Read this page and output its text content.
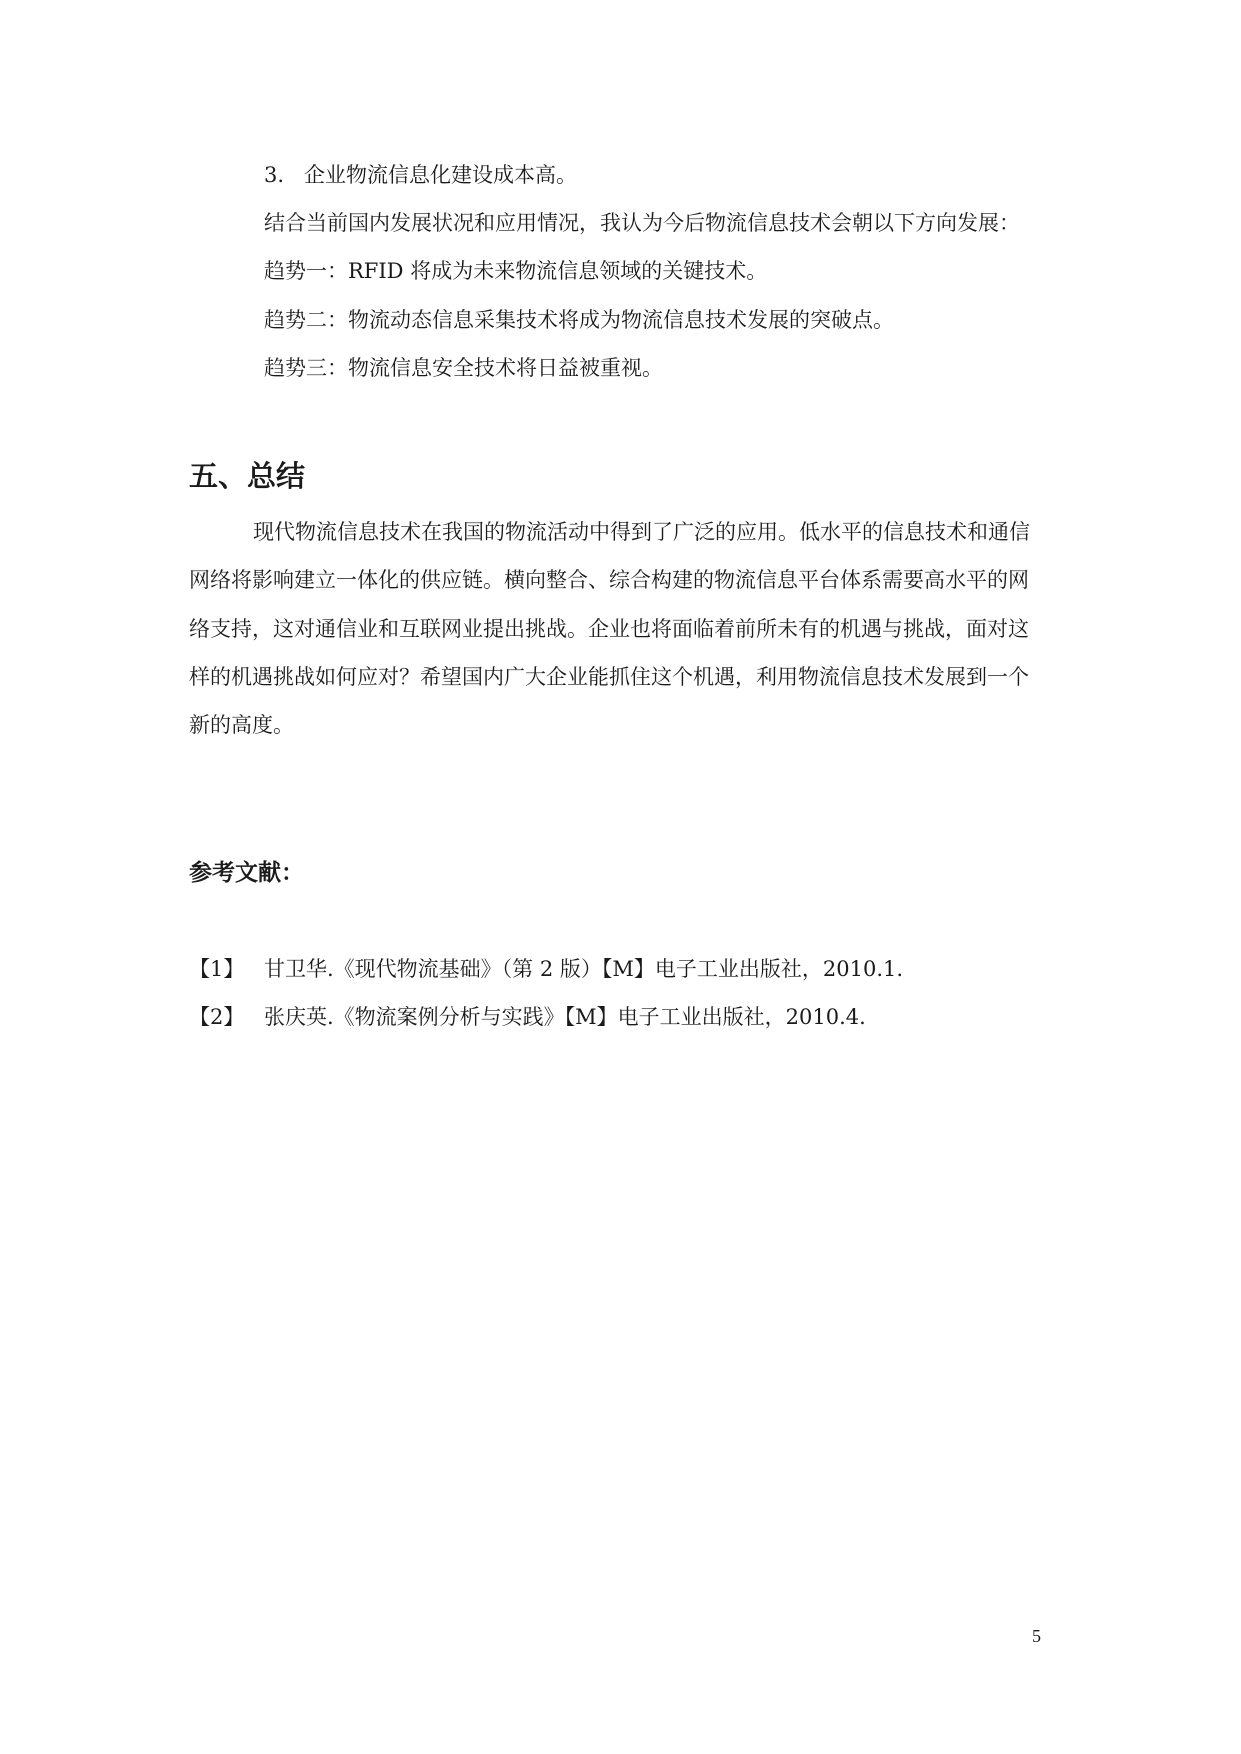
3. 企业物流信息化建设成本高。
结合当前国内发展状况和应用情况，我认为今后物流信息技术会朝以下方向发展：
趋势一：RFID 将成为未来物流信息领域的关键技术。
趋势二：物流动态信息采集技术将成为物流信息技术发展的突破点。
趋势三：物流信息安全技术将日益被重视。
五、总结
现代物流信息技术在我国的物流活动中得到了广泛的应用。低水平的信息技术和通信
网络将影响建立一体化的供应链。横向整合、综合构建的物流信息平台体系需要高水平的网
络支持，这对通信业和互联网业提出挑战。企业也将面临着前所未有的机遇与挑战，面对这
样的机遇挑战如何应对？希望国内广大企业能抓住这个机遇，利用物流信息技术发展到一个
新的高度。
参考文献：
【1】 甘卫华.《现代物流基础》（第 2 版）【M】电子工业出版社，2010.1.
【2】 张庆英.《物流案例分析与实践》【M】电子工业出版社，2010.4.
5
